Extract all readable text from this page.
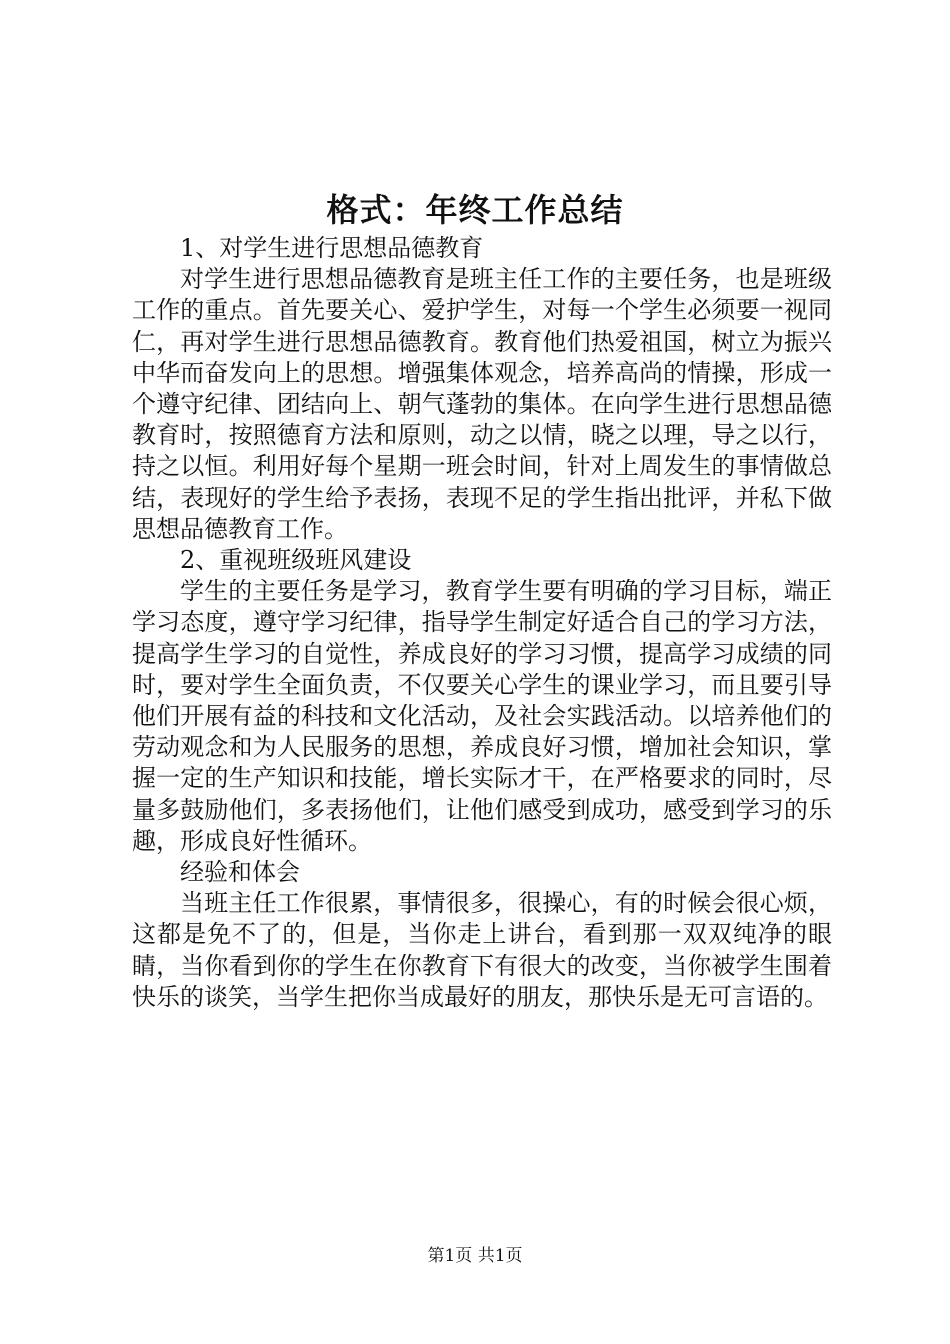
格式：年终工作总结

1、对学生进行思想品德教育

对学生进行思想品德教育是班主任工作的主要任务，也是班级工作的重点。首先要关心、爱护学生，对每一个学生必须要一视同仁，再对学生进行思想品德教育。教育他们热爱祖国，树立为振兴中华而奋发向上的思想。增强集体观念，培养高尚的情操，形成一个遵守纪律、团结向上、朝气蓬勃的集体。在向学生进行思想品德教育时，按照德育方法和原则，动之以情，晓之以理，导之以行，持之以恒。利用好每个星期一班会时间，针对上周发生的事情做总结，表现好的学生给予表扬，表现不足的学生指出批评，并私下做思想品德教育工作。

2、重视班级班风建设

学生的主要任务是学习，教育学生要有明确的学习目标，端正学习态度，遵守学习纪律，指导学生制定好适合自己的学习方法，提高学生学习的自觉性，养成良好的学习习惯，提高学习成绩的同时，要对学生全面负责，不仅要关心学生的课业学习，而且要引导他们开展有益的科技和文化活动，及社会实践活动。以培养他们的劳动观念和为人民服务的思想，养成良好习惯，增加社会知识，掌握一定的生产知识和技能，增长实际才干，在严格要求的同时，尽量多鼓励他们，多表扬他们，让他们感受到成功，感受到学习的乐趣，形成良好性循环。

经验和体会

当班主任工作很累，事情很多，很操心，有的时候会很心烦，这都是免不了的，但是，当你走上讲台，看到那一双双纯净的眼睛，当你看到你的学生在你教育下有很大的改变，当你被学生围着快乐的谈笑，当学生把你当成最好的朋友，那快乐是无可言语的。

第1页 共1页
